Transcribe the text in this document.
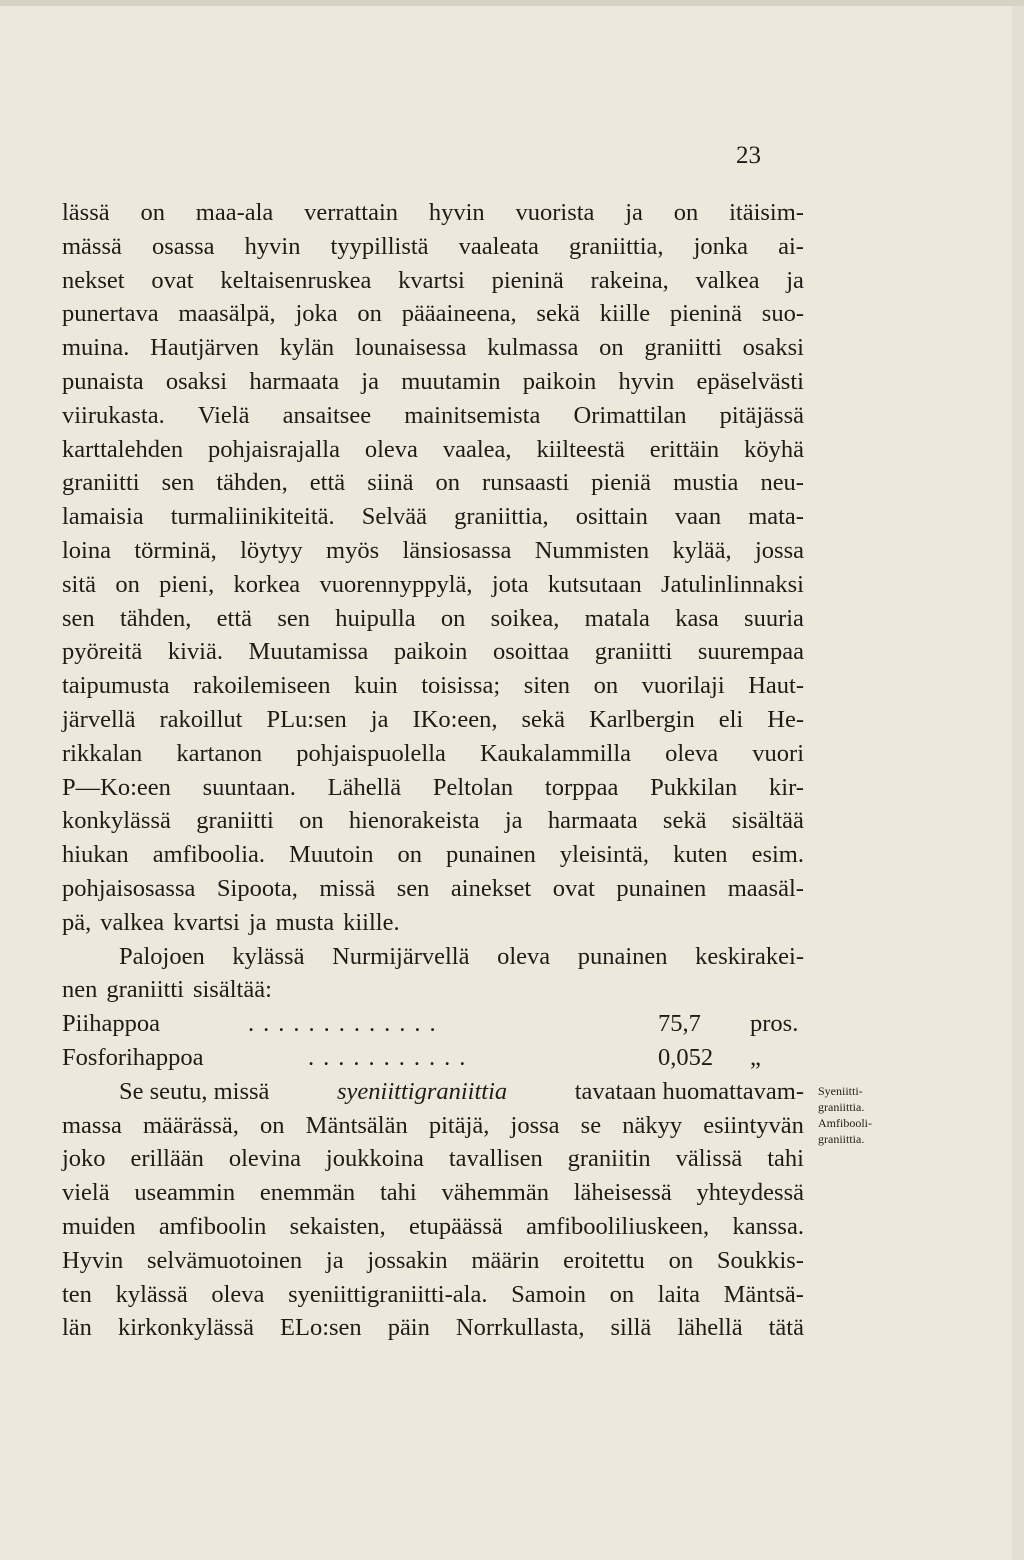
23
lässä on maa-ala verrattain hyvin vuorista ja on itäisim-
mässä osassa hyvin tyypillistä vaaleata graniittia, jonka ai-
nekset ovat keltaisenruskea kvartsi pieninä rakeina, valkea ja
punertava maasälpä, joka on pääaineena, sekä kiille pieninä suo-
muina. Hautjärven kylän lounaisessa kulmassa on graniitti osaksi
punaista osaksi harmaata ja muutamin paikoin hyvin epäselvästi
viirukasta. Vielä ansaitsee mainitsemista Orimattilan pitäjässä
karttalehden pohjaisrajalla oleva vaalea, kiilteestä erittäin köyhä
graniitti sen tähden, että siinä on runsaasti pieniä mustia neu-
lamaisia turmaliinikiteitä. Selvää graniittia, osittain vaan mata-
loina törminä, löytyy myös länsiosassa Nummisten kylää, jossa
sitä on pieni, korkea vuorennyppylä, jota kutsutaan Jatulinlinnaksi
sen tähden, että sen huipulla on soikea, matala kasa suuria
pyöreitä kiviä. Muutamissa paikoin osoittaa graniitti suurempaa
taipumusta rakoilemiseen kuin toisissa; siten on vuorilaji Haut-
järvellä rakoillut PLu:sen ja IKo:een, sekä Karlbergin eli He-
rikkalan kartanon pohjaispuolella Kaukalammilla oleva vuori
P—Ko:een suuntaan. Lähellä Peltolan torppaa Pukkilan kir-
konkylässä graniitti on hienorakeista ja harmaata sekä sisältää
hiukan amfiboolia. Muutoin on punainen yleisintä, kuten esim.
pohjaisosassa Sipoota, missä sen ainekset ovat punainen maasäl-
pä, valkea kvartsi ja musta kiille.
Palojoen kylässä Nurmijärvellä oleva punainen keskirakei-
nen graniitti sisältää:
Piihappoa	.............	75,7	pros.
Fosforihappoa	...........	0,052	„
Se seutu, missä	syeniittigraniittia	tavataan huomattavam-
massa määrässä, on Mäntsälän pitäjä, jossa se näkyy esiintyvän
joko erillään olevina joukkoina tavallisen graniitin välissä tahi
vielä useammin enemmän tahi vähemmän läheisessä yhteydessä
muiden amfiboolin sekaisten, etupäässä amfibooliliuskeen, kanssa.
Hyvin selvämuotoinen ja jossakin määrin eroitettu on Soukkis-
ten kylässä oleva syeniittigraniitti-ala. Samoin on laita Mäntsä-
län kirkonkylässä ELo:sen päin Norrkullasta, sillä lähellä tätä
Syeniitti-
graniittia.
Amfibooli-
graniittia.
